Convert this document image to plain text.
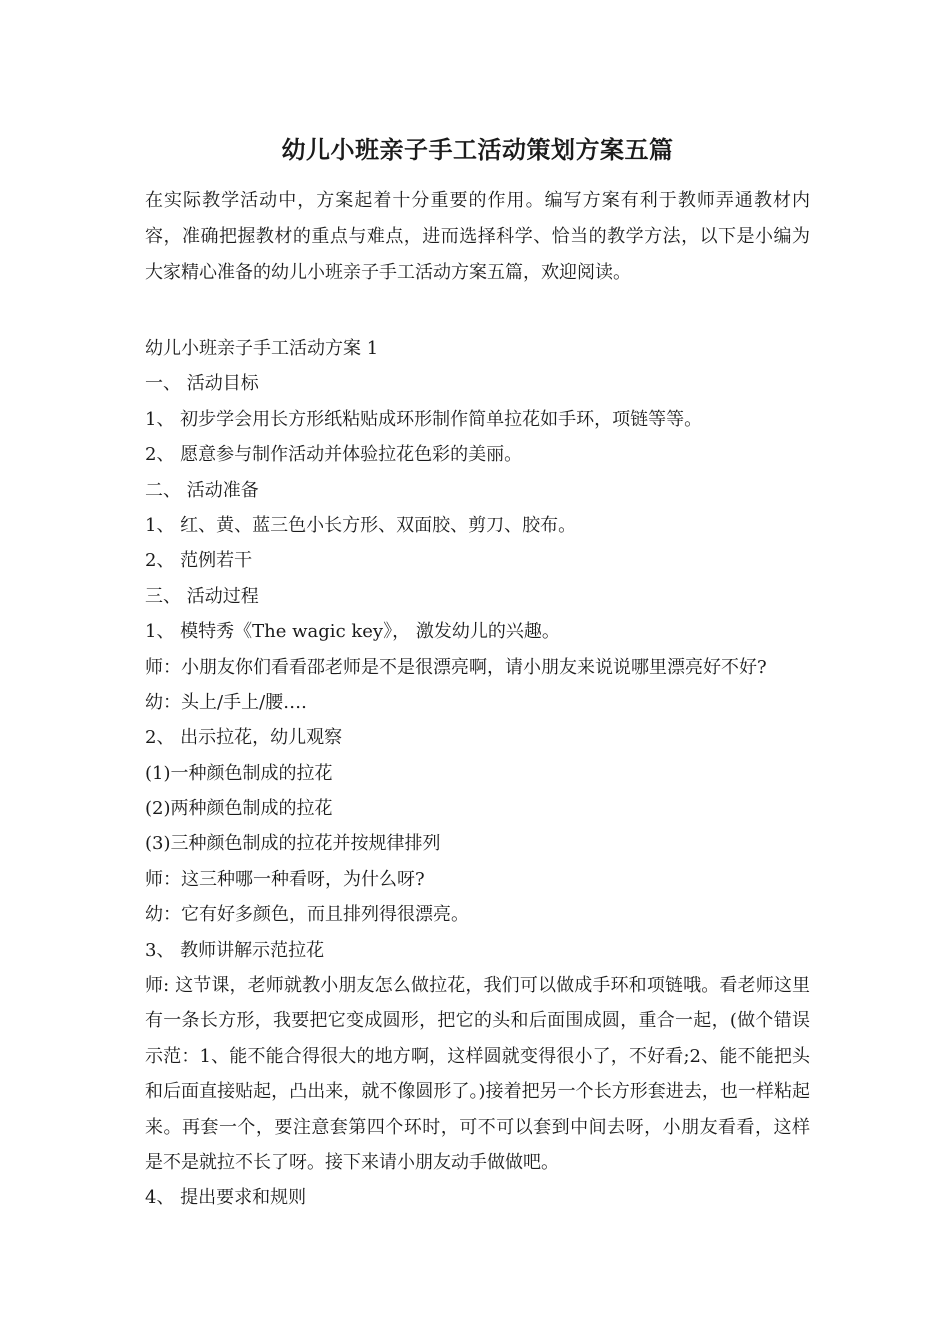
幼儿小班亲子手工活动策划方案五篇
在实际教学活动中，方案起着十分重要的作用。编写方案有利于教师弄通教材内容，准确把握教材的重点与难点，进而选择科学、恰当的教学方法，以下是小编为大家精心准备的幼儿小班亲子手工活动方案五篇，欢迎阅读。
幼儿小班亲子手工活动方案 1
一、 活动目标
1、 初步学会用长方形纸粘贴成环形制作简单拉花如手环，项链等等。
2、 愿意参与制作活动并体验拉花色彩的美丽。
二、 活动准备
1、 红、黄、蓝三色小长方形、双面胶、剪刀、胶布。
2、 范例若干
三、 活动过程
1、 模特秀《The wagic key》， 激发幼儿的兴趣。
师：小朋友你们看看邵老师是不是很漂亮啊，请小朋友来说说哪里漂亮好不好?
幼：头上/手上/腰….
2、 出示拉花，幼儿观察
(1)一种颜色制成的拉花
(2)两种颜色制成的拉花
(3)三种颜色制成的拉花并按规律排列
师：这三种哪一种看呀，为什么呀?
幼：它有好多颜色，而且排列得很漂亮。
3、 教师讲解示范拉花
师: 这节课，老师就教小朋友怎么做拉花，我们可以做成手环和项链哦。看老师这里有一条长方形，我要把它变成圆形，把它的头和后面围成圆，重合一起，(做个错误示范：1、能不能合得很大的地方啊，这样圆就变得很小了，不好看;2、能不能把头和后面直接贴起，凸出来，就不像圆形了。)接着把另一个长方形套进去，也一样粘起来。再套一个，要注意套第四个环时，可不可以套到中间去呀，小朋友看看，这样是不是就拉不长了呀。接下来请小朋友动手做做吧。
4、 提出要求和规则
